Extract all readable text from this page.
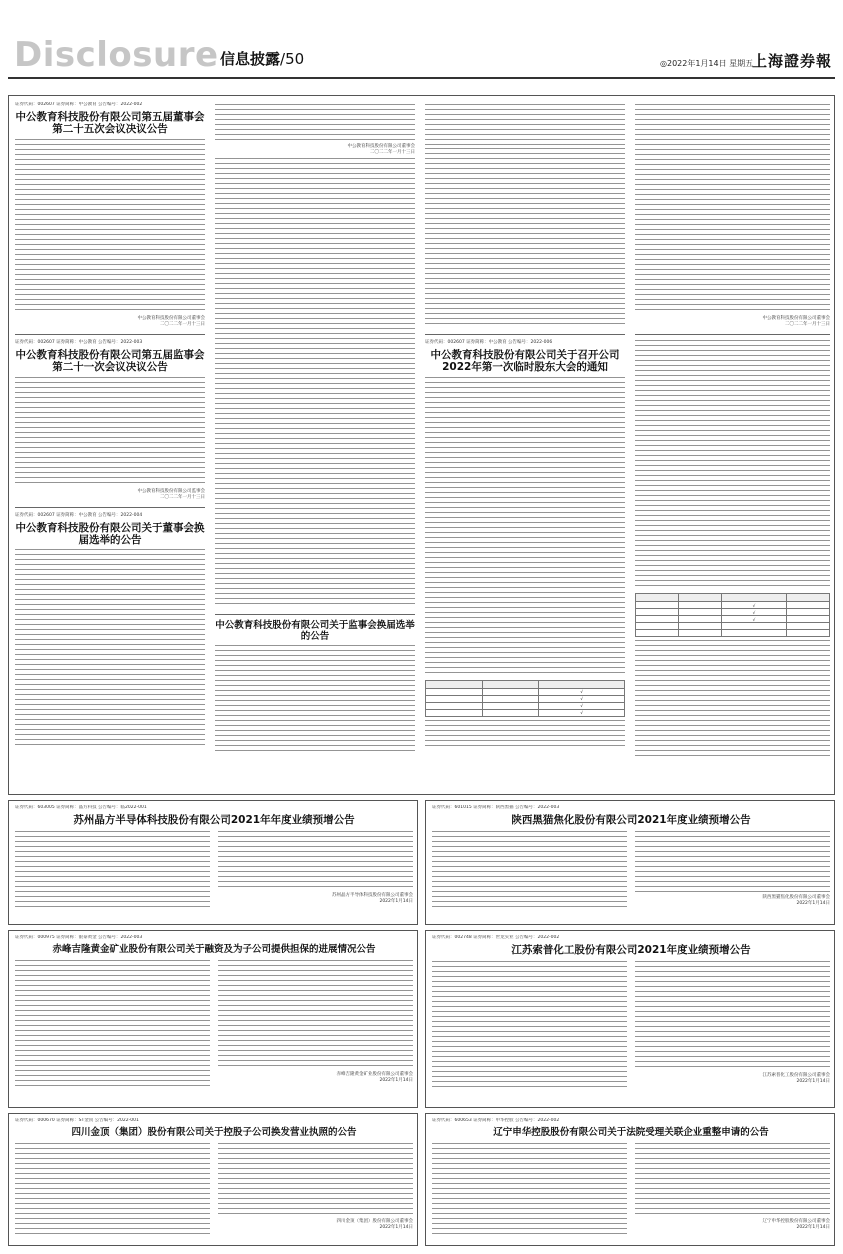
Disclosure 信息披露/50	◎2022年1月14日 星期五
上海證券報
证券代码：002607 证券简称：中公教育 公告编号：2022-002
中公教育科技股份有限公司第五届董事会第二十五次会议决议公告
中公教育科技股份有限公司董事会
二〇二二年一月十三日
证券代码：002607 证券简称：中公教育 公告编号：2022-003
中公教育科技股份有限公司第五届监事会第二十一次会议决议公告
中公教育科技股份有限公司监事会
二〇二二年一月十三日
证券代码：002607 证券简称：中公教育 公告编号：2022-004
中公教育科技股份有限公司关于董事会换届选举的公告
中公教育科技股份有限公司董事会
二〇二二年一月十三日
中公教育科技股份有限公司关于监事会换届选举的公告
证券代码：002607 证券简称：中公教育 公告编号：2022-006
中公教育科技股份有限公司关于召开公司2022年第一次临时股东大会的通知

		√
		√
		√
		√
中公教育科技股份有限公司董事会
二〇二二年一月十三日

		√	
		√	
		√	

证券代码：603005 证券简称：晶方科技 公告编号：临2022-001
苏州晶方半导体科技股份有限公司2021年年度业绩预增公告
苏州晶方半导体科技股份有限公司董事会
2022年1月14日
证券代码：601015 证券简称：陕西黑猫 公告编号：2022-003
陕西黑猫焦化股份有限公司2021年度业绩预增公告
陕西黑猫焦化股份有限公司董事会
2022年1月14日
证券代码：000975 证券简称：银泰黄金 公告编号：2022-003
赤峰吉隆黄金矿业股份有限公司关于融资及为子公司提供担保的进展情况公告
赤峰吉隆黄金矿业股份有限公司董事会
2022年1月14日
证券代码：002748 证券简称：世龙实业 公告编号：2022-002
江苏索普化工股份有限公司2021年度业绩预增公告
江苏索普化工股份有限公司董事会
2022年1月14日
证券代码：000670 证券简称：ST金顶 公告编号：2022-001
四川金顶（集团）股份有限公司关于控股子公司换发营业执照的公告
四川金顶（集团）股份有限公司董事会
2022年1月14日
证券代码：600653 证券简称：申华控股 公告编号：2022-002
辽宁申华控股股份有限公司关于法院受理关联企业重整申请的公告
辽宁申华控股股份有限公司董事会
2022年1月14日
